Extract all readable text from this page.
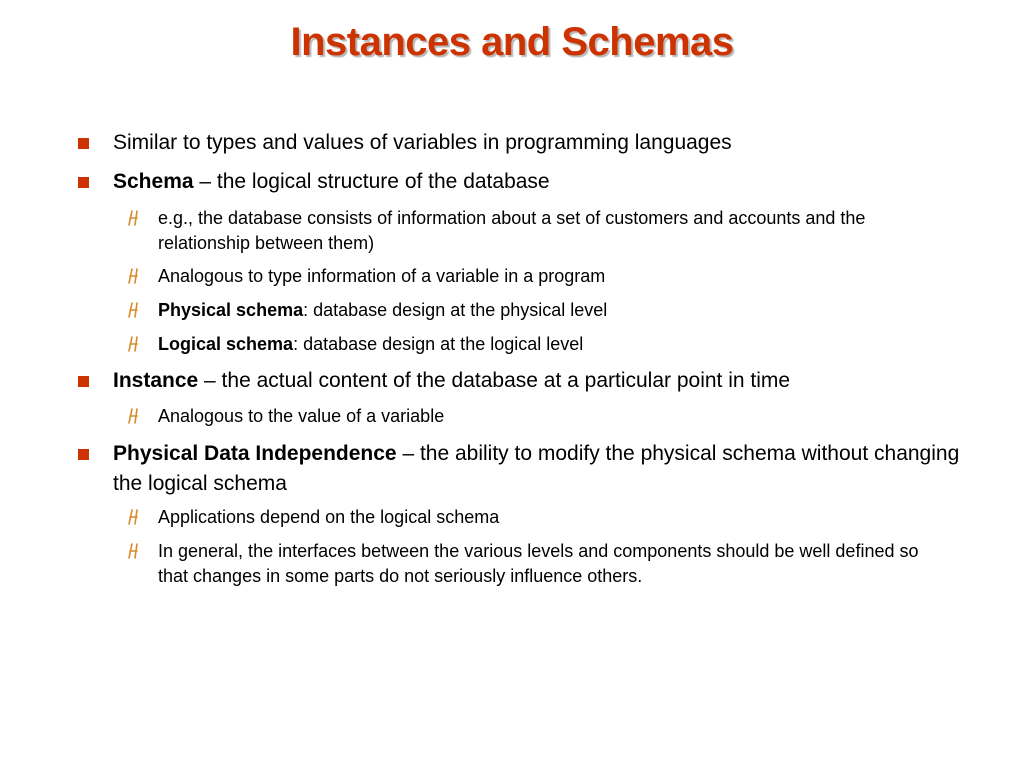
Instances and Schemas
Similar to types and values of variables in programming languages
Schema – the logical structure of the database
e.g., the database consists of information about a set of customers and accounts and the relationship between them)
Analogous to type information of a variable in a program
Physical schema: database design at the physical level
Logical schema: database design at the logical level
Instance – the actual content of the database at a particular point in time
Analogous to the value of a variable
Physical Data Independence – the ability to modify the physical schema without changing the logical schema
Applications depend on the logical schema
In general, the interfaces between the various levels and components should be well defined so that changes in some parts do not seriously influence others.
